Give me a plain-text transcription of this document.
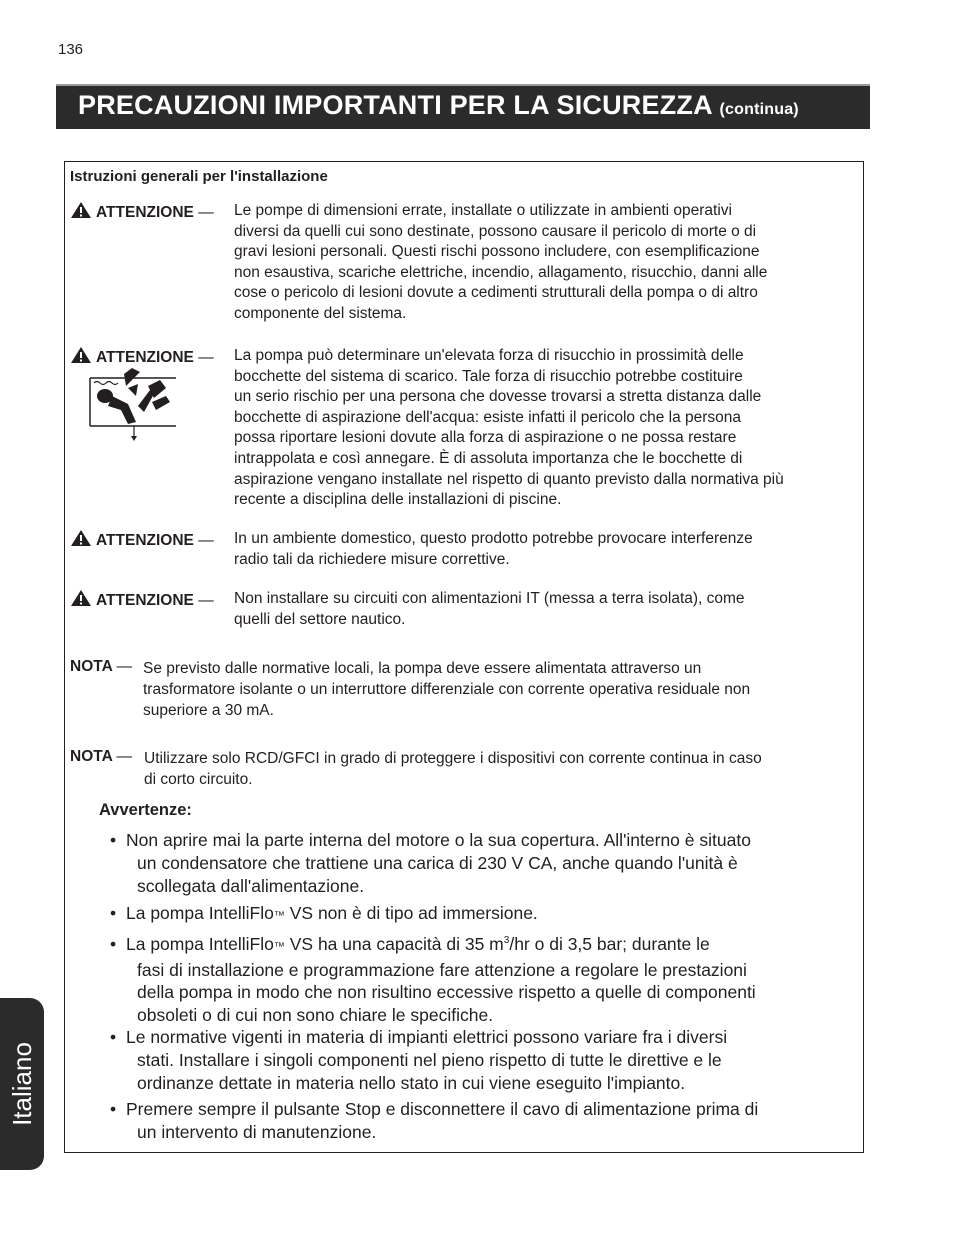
136
PRECAUZIONI IMPORTANTI PER LA SICUREZZA (continua)
Istruzioni generali per l'installazione
ATTENZIONE — Le pompe di dimensioni errate, installate o utilizzate in ambienti operativi
diversi da quelli cui sono destinate, possono causare il pericolo di morte o di
gravi lesioni personali. Questi rischi possono includere, con esemplificazione
non esaustiva, scariche elettriche, incendio, allagamento, risucchio, danni alle
cose o pericolo di lesioni dovute a cedimenti strutturali della pompa o di altro
componente del sistema.
ATTENZIONE — La pompa può determinare un'elevata forza di risucchio in prossimità delle
bocchette del sistema di scarico. Tale forza di risucchio potrebbe costituire
un serio rischio per una persona che dovesse trovarsi a stretta distanza dalle
bocchette di aspirazione dell'acqua: esiste infatti il pericolo che la persona
possa riportare lesioni dovute alla forza di aspirazione o ne possa restare
intrappolata e così annegare. È di assoluta importanza che le bocchette di
aspirazione vengano installate nel rispetto di quanto previsto dalla normativa più
recente a disciplina delle installazioni di piscine.
ATTENZIONE — In un ambiente domestico, questo prodotto potrebbe provocare interferenze
radio tali da richiedere misure correttive.
ATTENZIONE — Non installare su circuiti con alimentazioni IT (messa a terra isolata), come
quelli del settore nautico.
NOTA — Se previsto dalle normative locali, la pompa deve essere alimentata attraverso un
trasformatore isolante o un interruttore differenziale con corrente operativa residuale non
superiore a 30 mA.
NOTA — Utilizzare solo RCD/GFCI in grado di proteggere i dispositivi con corrente continua in caso
di corto circuito.
Avvertenze:
• Non aprire mai la parte interna del motore o la sua copertura. All'interno è situato
un condensatore che trattiene una carica di 230 V CA, anche quando l'unità è
scollegata dall'alimentazione.
• La pompa IntelliFlo™ VS non è di tipo ad immersione.
• La pompa IntelliFlo™ VS ha una capacità di 35 $m^3/hr$ o di 3,5 bar; durante le
fasi di installazione e programmazione fare attenzione a regolare le prestazioni
della pompa in modo che non risultino eccessive rispetto a quelle di componenti
obsoleti o di cui non sono chiare le specifiche.
• Le normative vigenti in materia di impianti elettrici possono variare fra i diversi
stati. Installare i singoli componenti nel pieno rispetto di tutte le direttive e le
ordinanze dettate in materia nello stato in cui viene eseguito l'impianto.
• Premere sempre il pulsante Stop e disconnettere il cavo di alimentazione prima di
un intervento di manutenzione.
Italiano
